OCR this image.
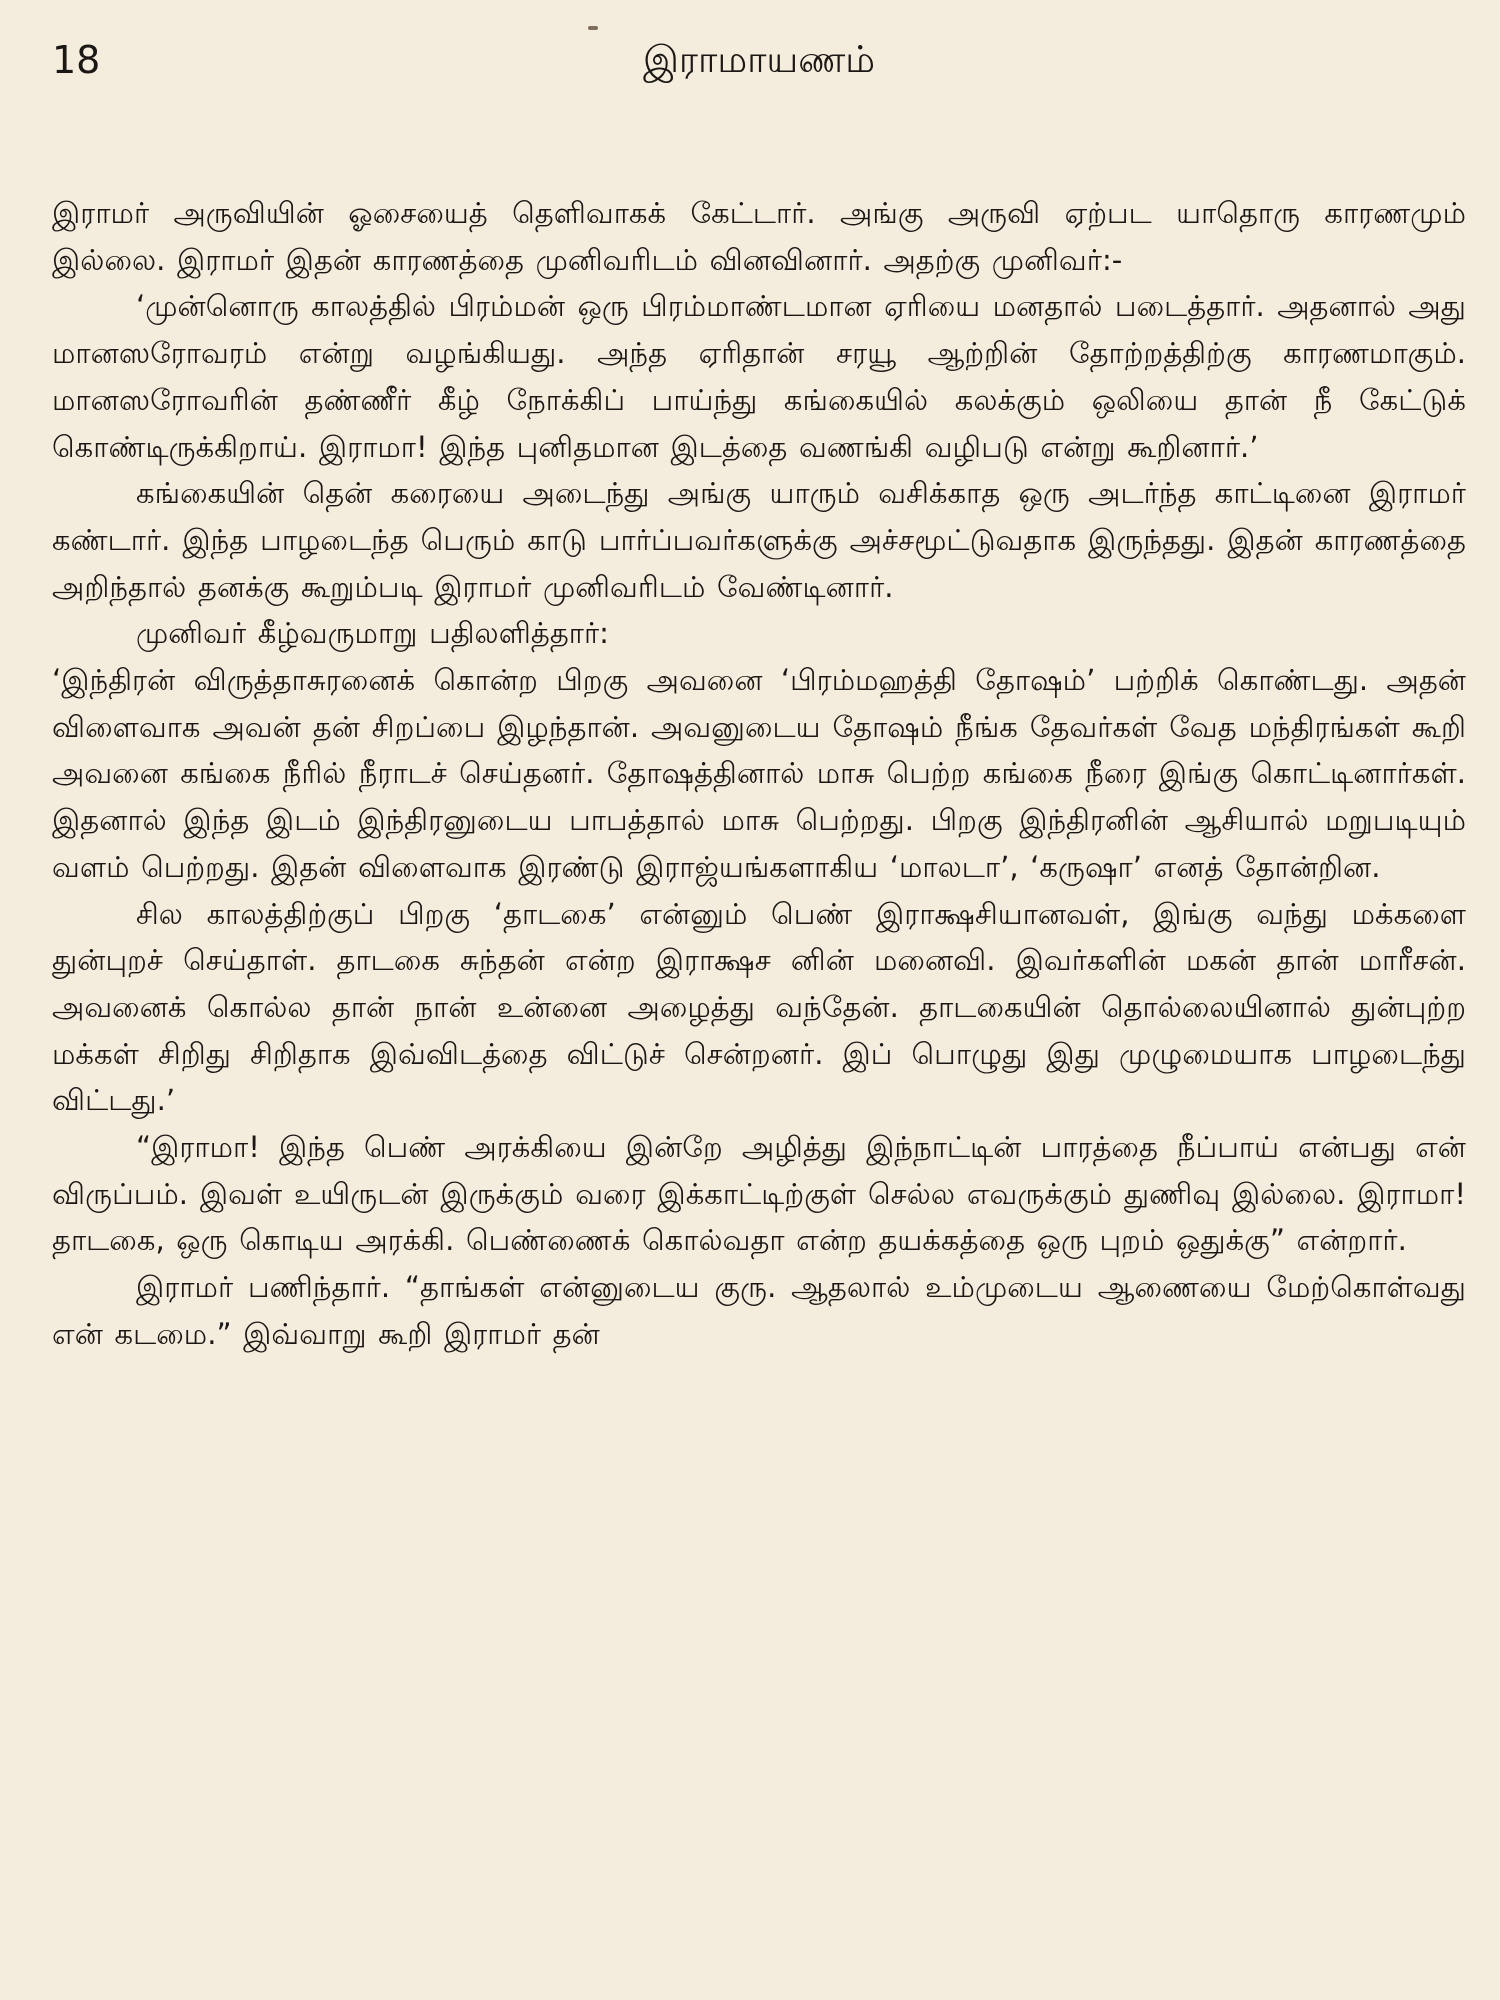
18	இராமாயணம்

இராமர் அருவியின் ஓசையைத் தெளிவாகக் கேட்டார். அங்கு அருவி ஏற்பட யாதொரு காரணமும் இல்லை. இராமர் இதன் காரணத்தை முனிவரிடம் வினவினார். அதற்கு முனிவர்:-

‘முன்னொரு காலத்தில் பிரம்மன் ஒரு பிரம்மாண்டமான ஏரியை மனதால் படைத்தார். அதனால் அது மானஸரோவரம் என்று வழங்கியது. அந்த ஏரிதான் சரயூ ஆற்றின் தோற்றத்திற்கு காரணமாகும். மானஸரோவரின் தண்ணீர் கீழ் நோக்கிப் பாய்ந்து கங்கையில் கலக்கும் ஒலியை தான் நீ கேட்டுக் கொண்டிருக்கிறாய். இராமா! இந்த புனிதமான இடத்தை வணங்கி வழிபடு என்று கூறினார்.’

கங்கையின் தென் கரையை அடைந்து அங்கு யாரும் வசிக்காத ஒரு அடர்ந்த காட்டினை இராமர் கண்டார். இந்த பாழடைந்த பெரும் காடு பார்ப்பவர்களுக்கு அச்சமூட்டுவதாக இருந்தது. இதன் காரணத்தை அறிந்தால் தனக்கு கூறும்படி இராமர் முனிவரிடம் வேண்டினார்.

முனிவர் கீழ்வருமாறு பதிலளித்தார்:

‘இந்திரன் விருத்தாசுரனைக் கொன்ற பிறகு அவனை ‘பிரம்மஹத்தி தோஷம்’ பற்றிக் கொண்டது. அதன் விளைவாக அவன் தன் சிறப்பை இழந்தான். அவனுடைய தோஷம் நீங்க தேவர்கள் வேத மந்திரங்கள் கூறி அவனை கங்கை நீரில் நீராடச் செய்தனர். தோஷத்தினால் மாசு பெற்ற கங்கை நீரை இங்கு கொட்டினார்கள். இதனால் இந்த இடம் இந்திரனுடைய பாபத்தால் மாசு பெற்றது. பிறகு இந்திரனின் ஆசியால் மறுபடியும் வளம் பெற்றது. இதன் விளைவாக இரண்டு இராஜ்யங்களாகிய ‘மாலடா’, ‘கருஷா’ எனத் தோன்றின.

சில காலத்திற்குப் பிறகு ‘தாடகை’ என்னும் பெண் இராக்ஷசியானவள், இங்கு வந்து மக்களை துன்புறச் செய்தாள். தாடகை சுந்தன் என்ற இராக்ஷச னின் மனைவி. இவர்களின் மகன் தான் மாரீசன். அவனைக் கொல்ல தான் நான் உன்னை அழைத்து வந்தேன். தாடகையின் தொல்லையினால் துன்புற்ற மக்கள் சிறிது சிறிதாக இவ்விடத்தை விட்டுச் சென்றனர். இப் பொழுது இது முழுமையாக பாழடைந்து விட்டது.’

“இராமா! இந்த பெண் அரக்கியை இன்றே அழித்து இந்நாட்டின் பாரத்தை நீப்பாய் என்பது என் விருப்பம். இவள் உயிருடன் இருக்கும் வரை இக்காட்டிற்குள் செல்ல எவருக்கும் துணிவு இல்லை. இராமா! தாடகை, ஒரு கொடிய அரக்கி. பெண்ணைக் கொல்வதா என்ற தயக்கத்தை ஒரு புறம் ஒதுக்கு” என்றார்.

இராமர் பணிந்தார். “தாங்கள் என்னுடைய குரு. ஆதலால் உம்முடைய ஆணையை மேற்கொள்வது என் கடமை.” இவ்வாறு கூறி இராமர் தன்
